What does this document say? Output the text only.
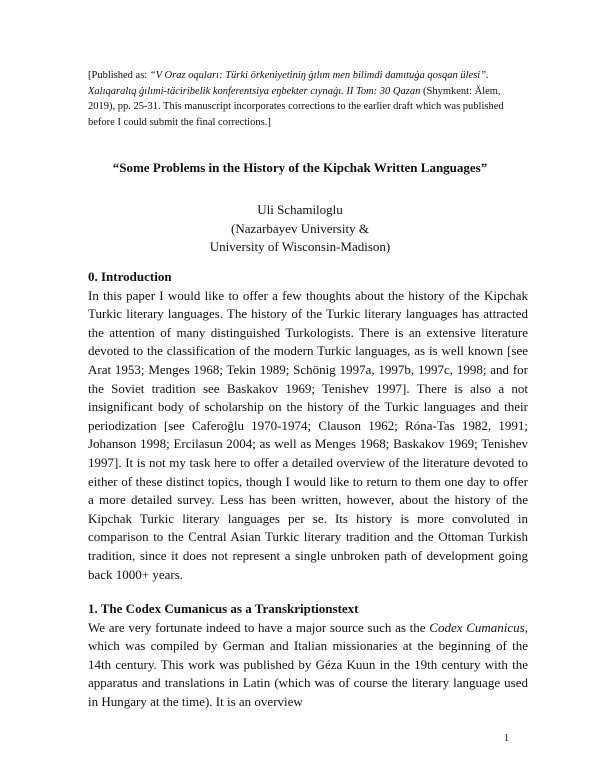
[Published as: “V Oraz oquları: Türki örkeniyetiniŋ ġılım men bilimdi damıtuġa qosqan ülesi”. Xalıqaralıq ġılımi-täciribelik konferentsiya eŋbekter cıynaġı. II Tom: 30 Qazan (Shymkent: Älem, 2019), pp. 25-31. This manuscript incorporates corrections to the earlier draft which was published before I could submit the final corrections.]
“Some Problems in the History of the Kipchak Written Languages”
Uli Schamiloglu
(Nazarbayev University &
University of Wisconsin-Madison)
0. Introduction

In this paper I would like to offer a few thoughts about the history of the Kipchak Turkic literary languages. The history of the Turkic literary languages has attracted the attention of many distinguished Turkologists. There is an extensive literature devoted to the classification of the modern Turkic languages, as is well known [see Arat 1953; Menges 1968; Tekin 1989; Schönig 1997a, 1997b, 1997c, 1998; and for the Soviet tradition see Baskakov 1969; Tenishev 1997]. There is also a not insignificant body of scholarship on the history of the Turkic languages and their periodization [see Caferoğlu 1970-1974; Clauson 1962; Róna-Tas 1982, 1991; Johanson 1998; Ercilasun 2004; as well as Menges 1968; Baskakov 1969; Tenishev 1997]. It is not my task here to offer a detailed overview of the literature devoted to either of these distinct topics, though I would like to return to them one day to offer a more detailed survey. Less has been written, however, about the history of the Kipchak Turkic literary languages per se. Its history is more convoluted in comparison to the Central Asian Turkic literary tradition and the Ottoman Turkish tradition, since it does not represent a single unbroken path of development going back 1000+ years.

1. The Codex Cumanicus as a Transkriptionstext

We are very fortunate indeed to have a major source such as the Codex Cumanicus, which was compiled by German and Italian missionaries at the beginning of the 14th century. This work was published by Géza Kuun in the 19th century with the apparatus and translations in Latin (which was of course the literary language used in Hungary at the time). It is an overview

1
